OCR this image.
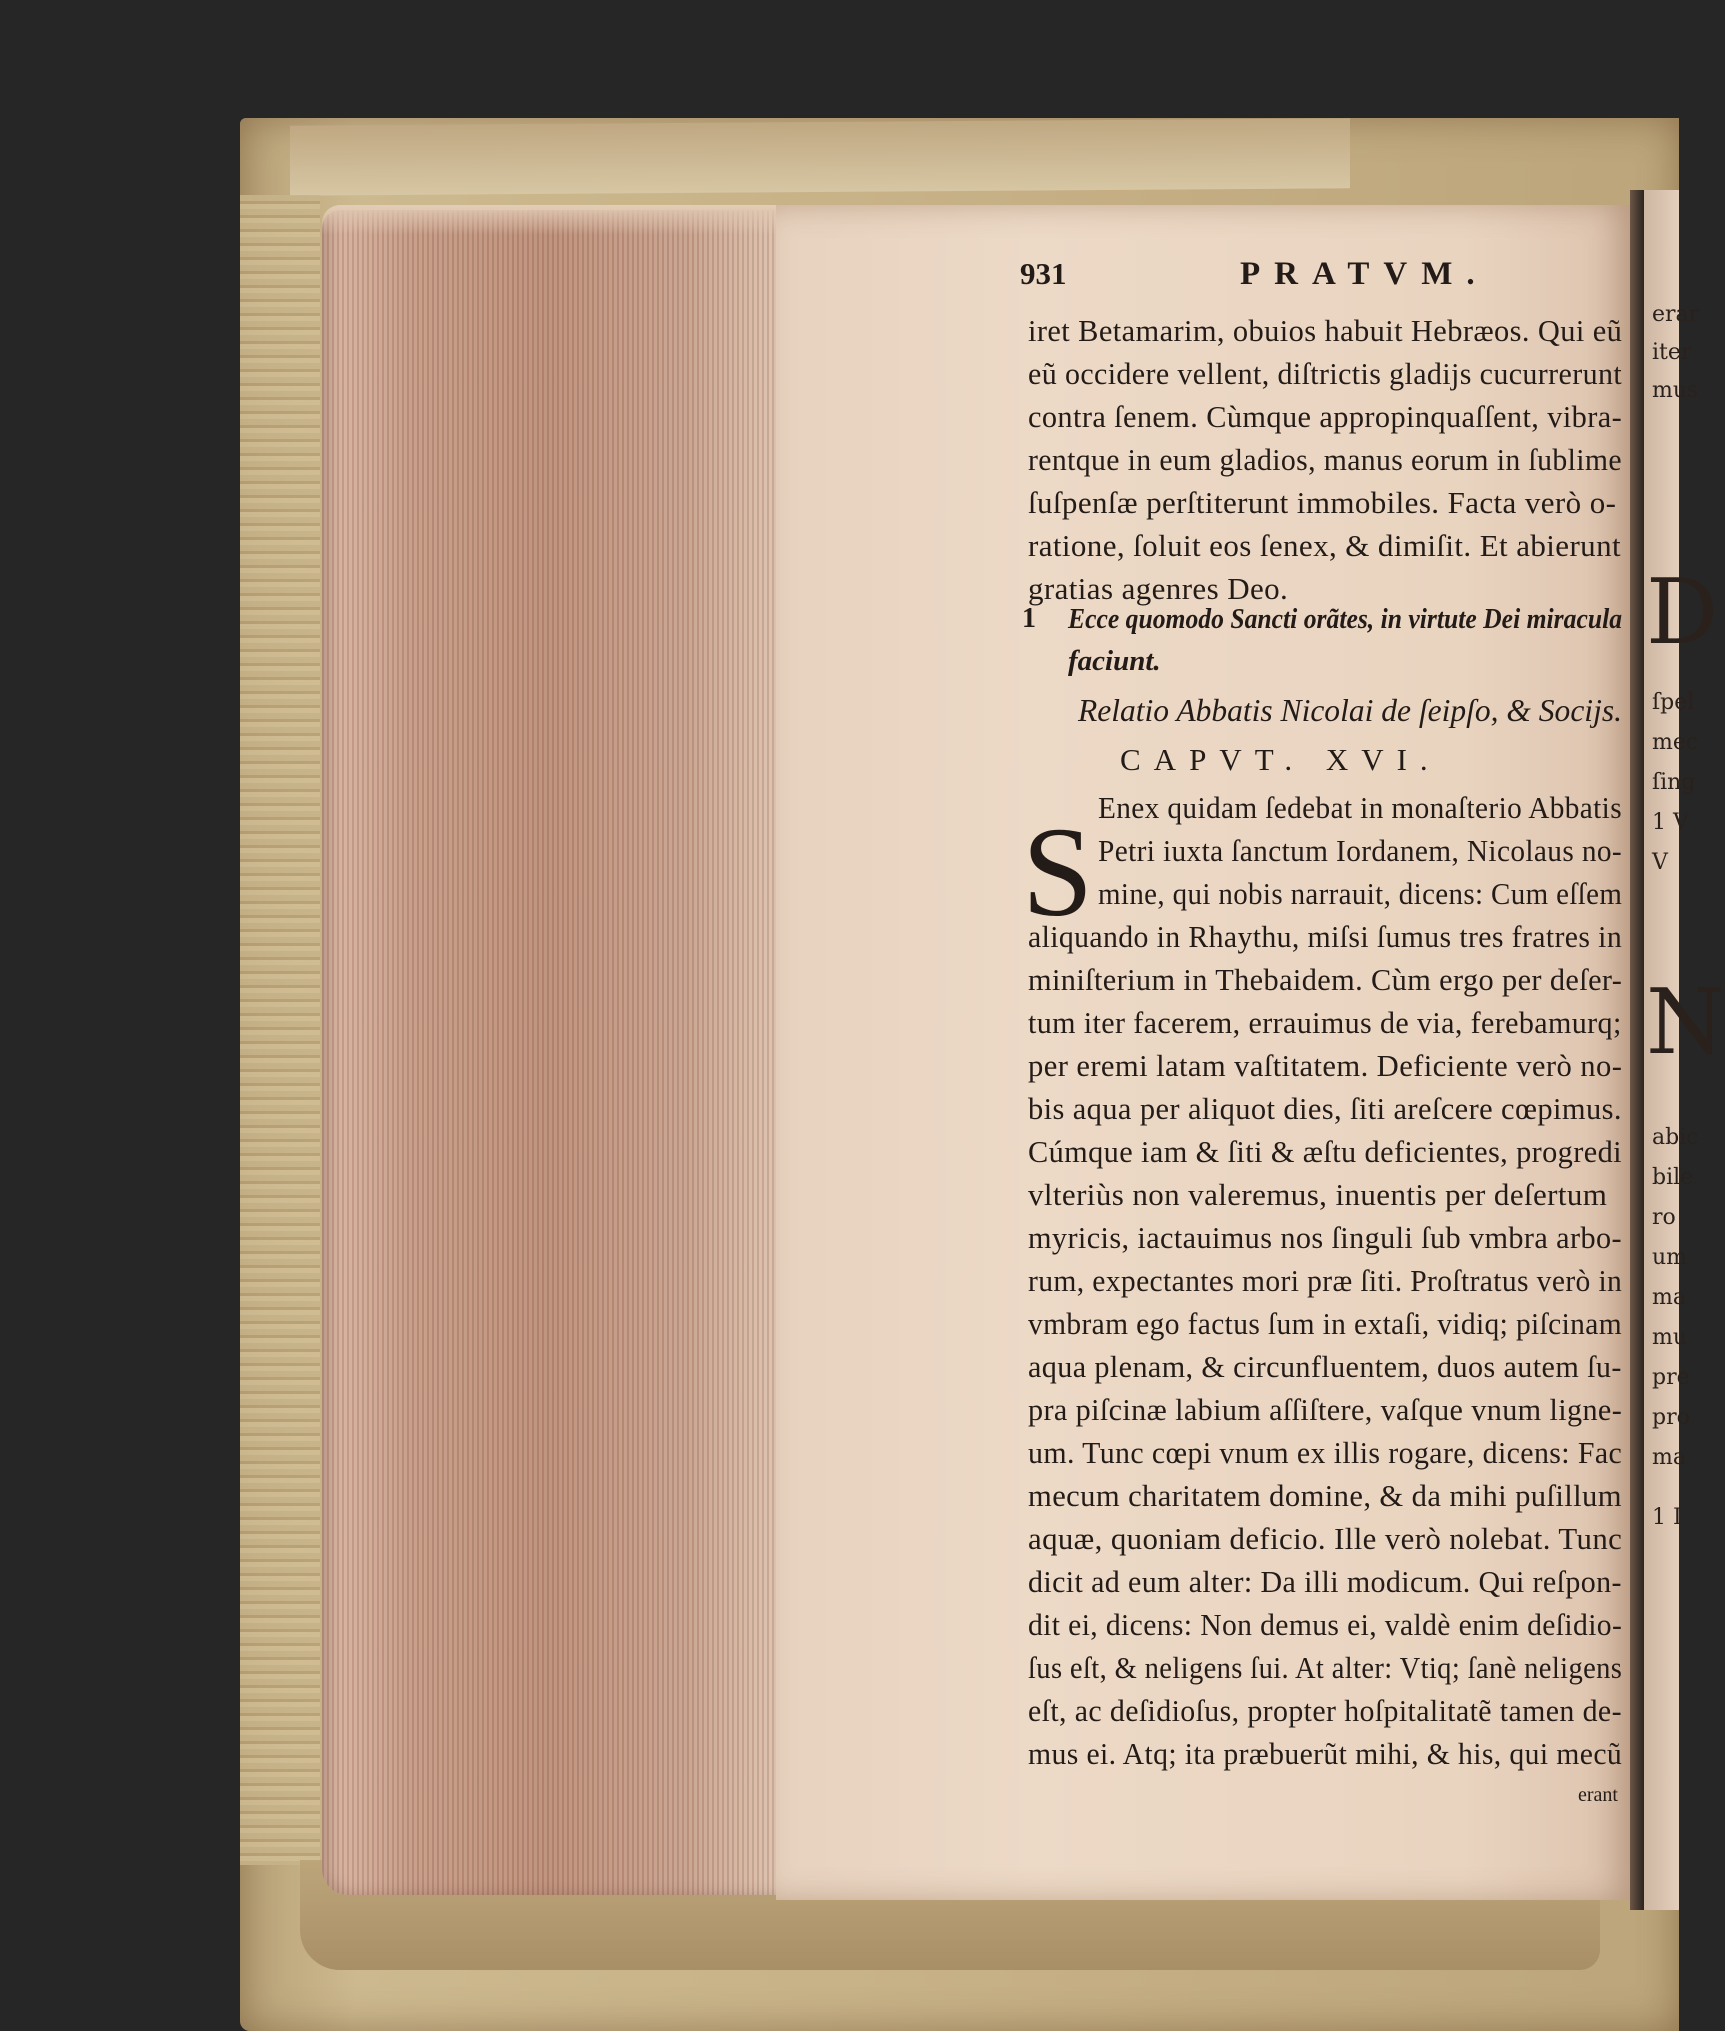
erar
iter
mus
D
ſpel
mec
ſing
1 V
V
N
abic
bile
ro
um
ma
mu
pre
pro
ma
1 I
931	PRATVM.
iret Betamarim, obuios habuit Hebræos. Qui eũ
eũ occidere vellent, diſtrictis gladijs cucurrerunt
contra ſenem. Cùmque appropinquaſſent, vibra-
rentque in eum gladios, manus eorum in ſublime
ſuſpenſæ perſtiterunt immobiles. Facta verò o-
ratione, ſoluit eos ſenex, & dimiſit. Et abierunt
gratias agenres Deo.
1 Ecce quomodo Sancti orãtes, in virtute Dei miracula
faciunt.
Relatio Abbatis Nicolai de ſeipſo, & Socijs.
CAPVT. XVI.
S Enex quidam ſedebat in monaſterio Abbatis
Petri iuxta ſanctum Iordanem, Nicolaus no-
mine, qui nobis narrauit, dicens: Cum eſſem
aliquando in Rhaythu, miſsi ſumus tres fratres in
miniſterium in Thebaidem. Cùm ergo per deſer-
tum iter facerem, errauimus de via, ferebamurq;
per eremi latam vaſtitatem. Deficiente verò no-
bis aqua per aliquot dies, ſiti areſcere cœpimus.
Cúmque iam & ſiti & æſtu deficientes, progredi
vlteriùs non valeremus, inuentis per deſertum
myricis, iactauimus nos ſinguli ſub vmbra arbo-
rum, expectantes mori præ ſiti. Proſtratus verò in
vmbram ego factus ſum in extaſi, vidiq; piſcinam
aqua plenam, & circunfluentem, duos autem ſu-
pra piſcinæ labium aſſiſtere, vaſque vnum ligne-
um. Tunc cœpi vnum ex illis rogare, dicens: Fac
mecum charitatem domine, & da mihi puſillum
aquæ, quoniam deficio. Ille verò nolebat. Tunc
dicit ad eum alter: Da illi modicum. Qui reſpon-
dit ei, dicens: Non demus ei, valdè enim deſidio-
ſus eſt, & neligens ſui. At alter: Vtiq; ſanè neligens
eſt, ac deſidioſus, propter hoſpitalitatẽ tamen de-
mus ei. Atq; ita præbuerũt mihi, & his, qui mecũ
erant
